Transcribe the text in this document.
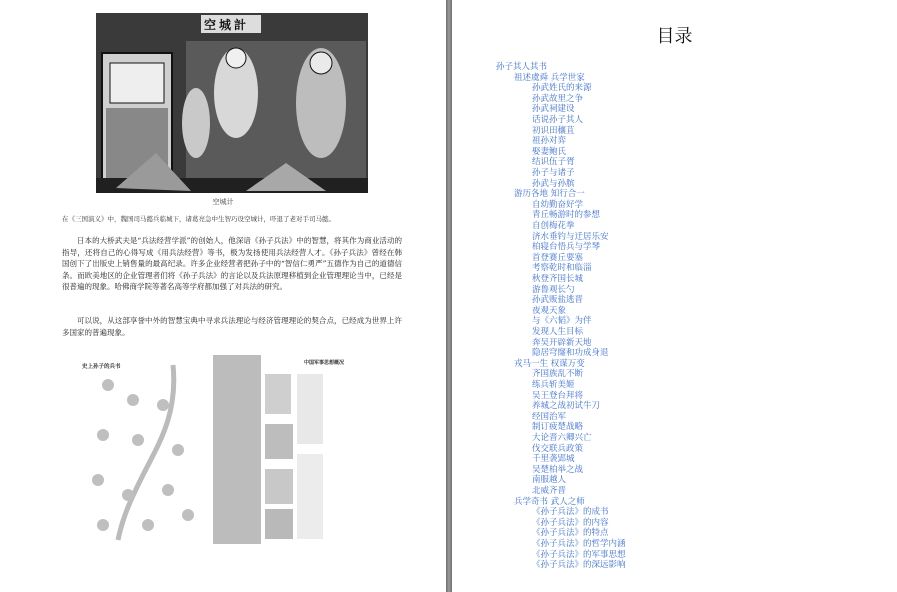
空城計
空城计
在《三国演义》中，魏国司马懿兵临城下，诸葛亮急中生智巧设空城计，吓退了老对手司马懿。
日本的大桥武夫是“兵法经营学派”的创始人，他深谙《孙子兵法》中的智慧，将其作为商业活动的指导，还将自己的心得写成《用兵法经营》等书，极为发扬使用兵法经营人才。《孙子兵法》曾经在韩国创下了出版史上销售量的最高纪录。许多企业经营者把孙子中的“智信仁勇严”五德作为自己的道德信条。而欧美地区的企业管理者们将《孙子兵法》的言论以及兵法原理移植到企业管理理论当中，已经是很普遍的现象。哈佛商学院等著名高等学府都加强了对兵法的研究。
可以说，从这部享誉中外的智慧宝典中寻求兵法理论与经济管理理论的契合点，已经成为世界上许多国家的普遍现象。
史上孙子的兵书
中国军事思想概况
目录
孙子其人其书
祖述虞舜 兵学世家
孙武姓氏的来源
孙武故里之争
孙武祠建设
话说孙子其人
初识田穰苴
祖孙对弈
娶妻鲍氏
结识伍子胥
孙子与诸子
孙武与孙膑
游历各地 知行合一
自幼勤奋好学
青丘畅游时的参想
自创梅花拳
济水垂钓与迁居乐安
柏寝台悟兵与学琴
首登赛丘要塞
考察乾时和临淄
秋登齐国长城
游鲁观长勺
孙武贩盐逃晋
夜观天象
与《六韬》为伴
发现人生目标
奔吴开辟新天地
隐居穹窿和功成身退
戎马一生 权谋万变
齐国族乱不断
练兵斩美姬
吴王登台拜将
养城之战初试牛刀
经国治军
制订疲楚战略
大论晋六卿兴亡
伐交联兵政策
千里袭郢城
吴楚柏举之战
南服越人
北威齐晋
兵学奇书 武人之师
《孙子兵法》的成书
《孙子兵法》的内容
《孙子兵法》的特点
《孙子兵法》的哲学内涵
《孙子兵法》的军事思想
《孙子兵法》的深远影响
